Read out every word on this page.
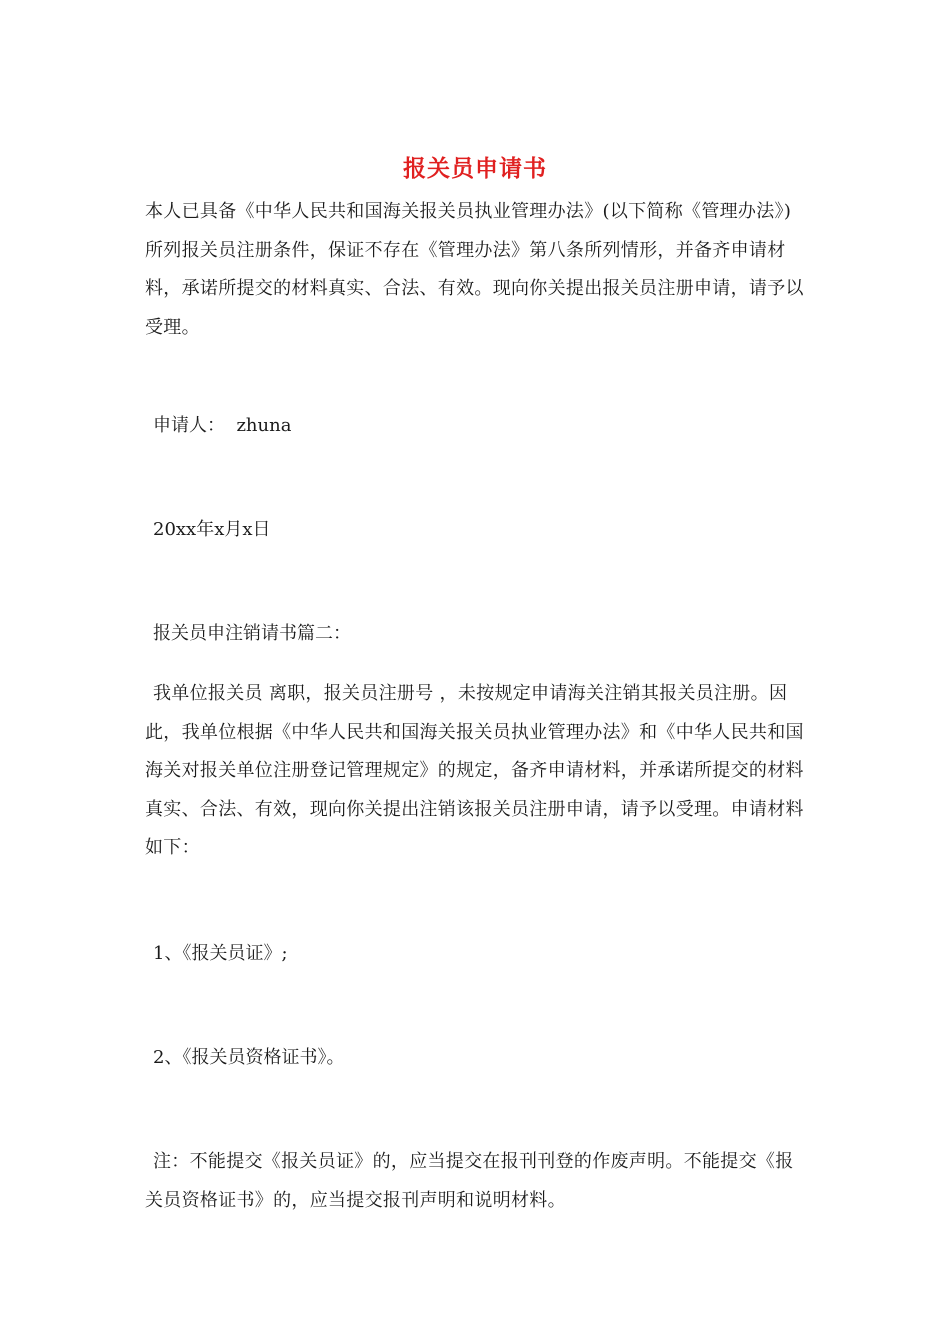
报关员申请书

本人已具备《中华人民共和国海关报关员执业管理办法》(以下简称《管理办法》)所列报关员注册条件，保证不存在《管理办法》第八条所列情形，并备齐申请材料，承诺所提交的材料真实、合法、有效。现向你关提出报关员注册申请，请予以受理。

申请人：  zhuna

20xx年x月x日

报关员申注销请书篇二：

我单位报关员 离职，报关员注册号 ，未按规定申请海关注销其报关员注册。因此，我单位根据《中华人民共和国海关报关员执业管理办法》和《中华人民共和国海关对报关单位注册登记管理规定》的规定，备齐申请材料，并承诺所提交的材料真实、合法、有效，现向你关提出注销该报关员注册申请，请予以受理。申请材料如下：

1、《报关员证》;

2、《报关员资格证书》。

注：不能提交《报关员证》的，应当提交在报刊刊登的作废声明。不能提交《报关员资格证书》的，应当提交报刊声明和说明材料。
